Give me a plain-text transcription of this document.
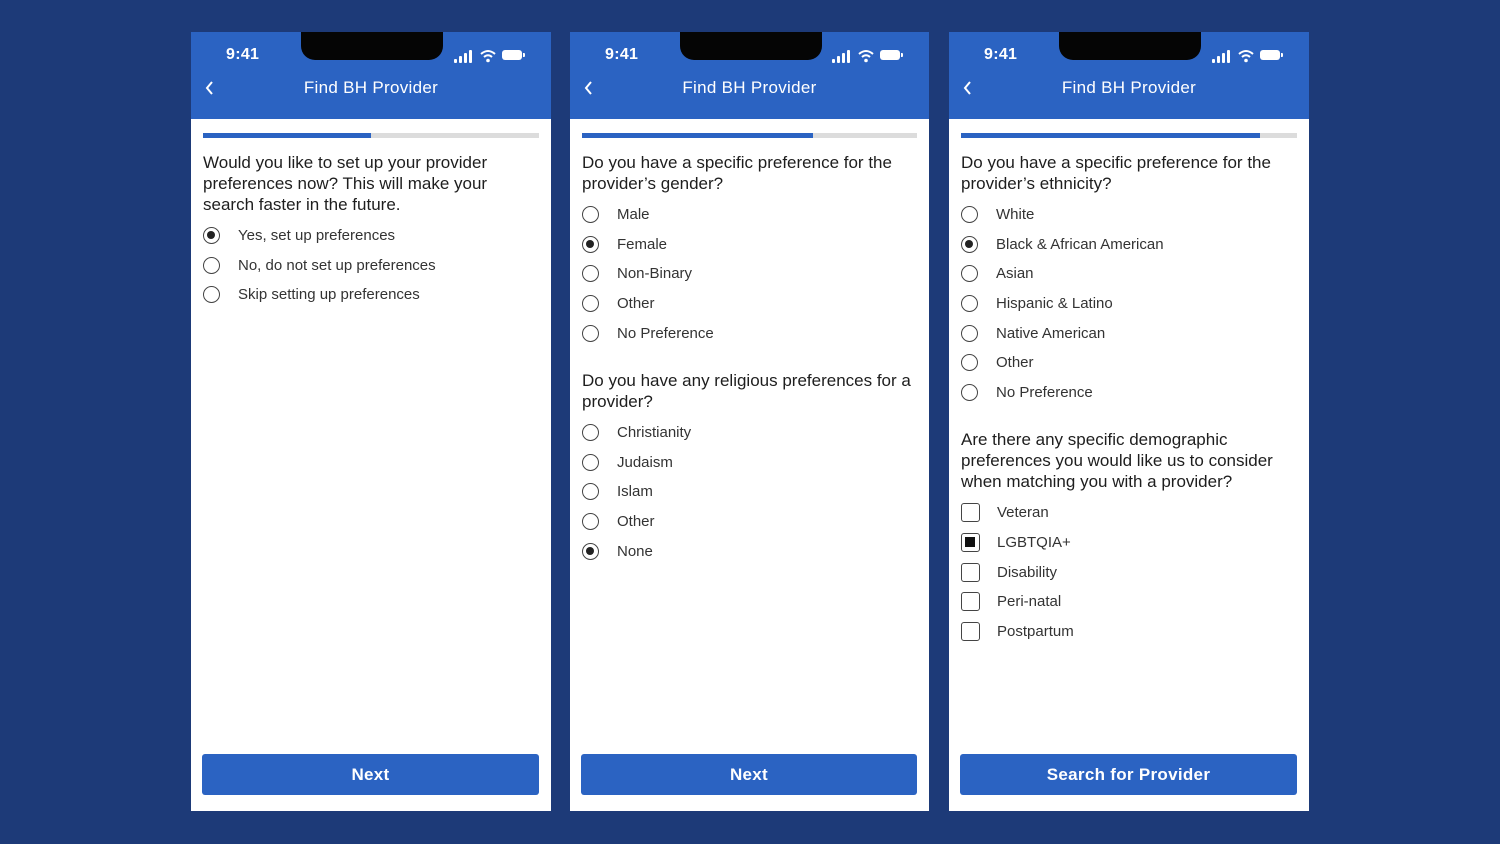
9:41
Find BH Provider

Would you like to set up your provider preferences now? This will make your search faster in the future.

Yes, set up preferences
No, do not set up preferences
Skip setting up preferences
Next
9:41
Find BH Provider

Do you have a specific preference for the provider’s gender?

Male
Female
Non-Binary
Other
No Preference

Do you have any religious preferences for a provider?

Christianity
Judaism
Islam
Other
None
Next
9:41
Find BH Provider

Do you have a specific preference for the provider’s ethnicity?

White
Black & African American
Asian
Hispanic & Latino
Native American
Other
No Preference

Are there any specific demographic preferences you would like us to consider when matching you with a provider?

Veteran
LGBTQIA+
Disability
Peri-natal
Postpartum
Search for Provider
